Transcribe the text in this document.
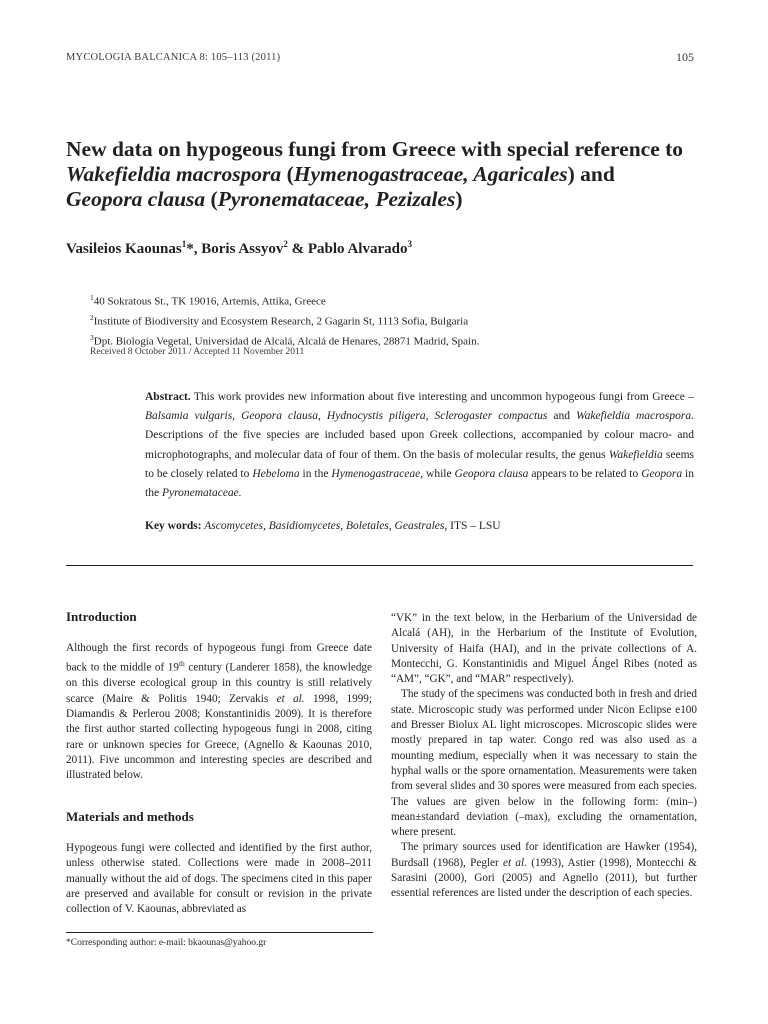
MYCOLOGIA BALCANICA 8: 105–113 (2011)	105
New data on hypogeous fungi from Greece with special reference to Wakefieldia macrospora (Hymenogastraceae, Agaricales) and
Geopora clausa (Pyronemataceae, Pezizales)
Vasileios Kaounas$^1$*, Boris Assyov$^2$ & Pablo Alvarado$^3$
$^1$40 Sokratous St., TK 19016, Artemis, Attika, Greece
$^2$Institute of Biodiversity and Ecosystem Research, 2 Gagarin St, 1113 Sofia, Bulgaria
$^3$Dpt. Biología Vegetal, Universidad de Alcalá, Alcalá de Henares, 28871 Madrid, Spain.
Received 8 October 2011 / Accepted 11 November 2011
Abstract. This work provides new information about five interesting and uncommon hypogeous fungi from Greece – Balsamia vulgaris, Geopora clausa, Hydnocystis piligera, Sclerogaster compactus and Wakefieldia macrospora. Descriptions of the five species are included based upon Greek collections, accompanied by colour macro- and microphotographs, and molecular data of four of them. On the basis of molecular results, the genus Wakefieldia seems to be closely related to Hebeloma in the Hymenogastraceae, while Geopora clausa appears to be related to Geopora in the Pyronemataceae.
Key words: Ascomycetes, Basidiomycetes, Boletales, Geastrales, ITS – LSU
Introduction

Although the first records of hypogeous fungi from Greece date back to the middle of 19th century (Landerer 1858), the knowledge on this diverse ecological group in this country is still relatively scarce (Maire & Politis 1940; Zervakis et al. 1998, 1999; Diamandis & Perlerou 2008; Konstantinidis 2009). It is therefore the first author started collecting hypogeous fungi in 2008, citing rare or unknown species for Greece, (Agnello & Kaounas 2010, 2011). Five uncommon and interesting species are described and illustrated below.

Materials and methods

Hypogeous fungi were collected and identified by the first author, unless otherwise stated. Collections were made in 2008–2011 manually without the aid of dogs. The specimens cited in this paper are preserved and available for consult or revision in the private collection of V. Kaounas, abbreviated as

“VK” in the text below, in the Herbarium of the Universidad de Alcalá (AH), in the Herbarium of the Institute of Evolution, University of Haifa (HAI), and in the private collections of A. Montecchi, G. Konstantinidis and Miguel Ángel Ribes (noted as “AM”, “GK”, and “MAR” respectively).

The study of the specimens was conducted both in fresh and dried state. Microscopic study was performed under Nicon Eclipse e100 and Bresser Biolux AL light microscopes. Microscopic slides were mostly prepared in tap water. Congo red was also used as a mounting medium, especially when it was necessary to stain the hyphal walls or the spore ornamentation. Measurements were taken from several slides and 30 spores were measured from each species. The values are given below in the following form: (min–) mean±standard deviation (–max), excluding the ornamentation, where present.

The primary sources used for identification are Hawker (1954), Burdsall (1968), Pegler et al. (1993), Astier (1998), Montecchi & Sarasini (2000), Gori (2005) and Agnello (2011), but further essential references are listed under the description of each species.

*Corresponding author: e-mail: bkaounas@yahoo.gr
